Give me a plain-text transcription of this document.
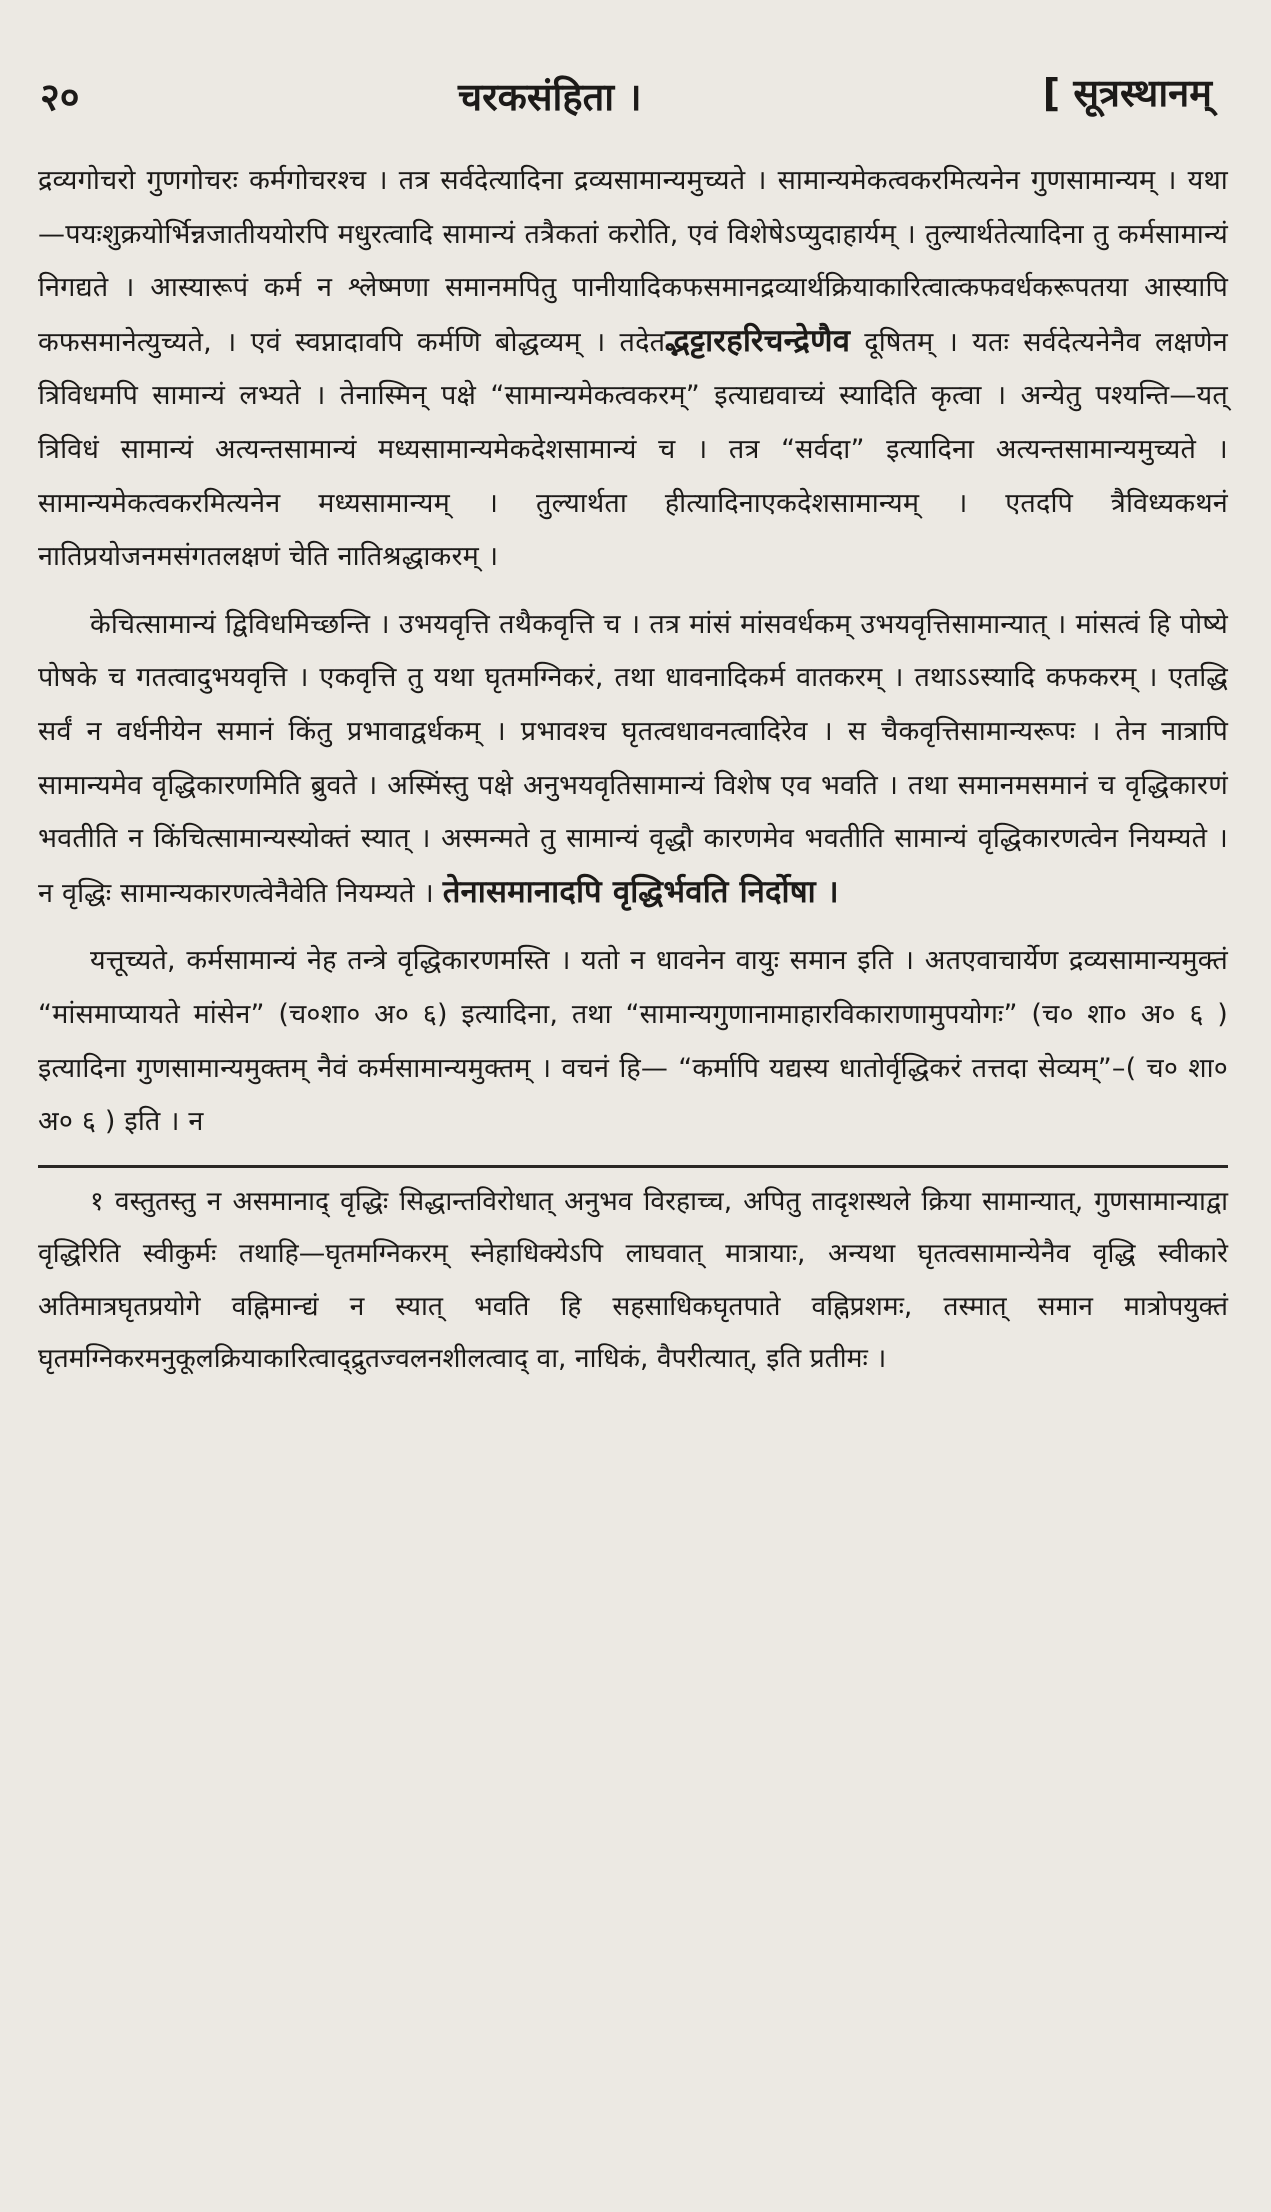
२०	चरकसंहिता ।	[ सूत्रस्थानम्

द्रव्यगोचरो गुणगोचरः कर्मगोचरश्च । तत्र सर्वदेत्यादिना द्रव्यसामान्यमुच्यते । सामान्यमेकत्वकरमित्यनेन गुणसामान्यम् । यथा—पयःशुक्रयोर्भिन्नजातीययोरपि मधुरत्वादि सामान्यं तत्रैकतां करोति, एवं विशेषेऽप्युदाहार्यम् । तुल्यार्थतेत्यादिना तु कर्मसामान्यं निगद्यते । आस्यारूपं कर्म न श्लेष्मणा समानमपितु पानीयादिकफसमानद्रव्यार्थक्रियाकारित्वात्कफवर्धकरूपतया आस्यापि कफसमानेत्युच्यते, । एवं स्वप्नादावपि कर्मणि बोद्धव्यम् । तदेतद्भट्टारहरिचन्द्रेणैव दूषितम् । यतः सर्वदेत्यनेनैव लक्षणेन त्रिविधमपि सामान्यं लभ्यते । तेनास्मिन् पक्षे “सामान्यमेकत्वकरम्” इत्याद्यवाच्यं स्यादिति कृत्वा । अन्येतु पश्यन्ति—यत् त्रिविधं सामान्यं अत्यन्तसामान्यं मध्यसामान्यमेकदेशसामान्यं च । तत्र “सर्वदा” इत्यादिना अत्यन्तसामान्यमुच्यते । सामान्यमेकत्वकरमित्यनेन मध्यसामान्यम् । तुल्यार्थता हीत्यादिनाएकदेशसामान्यम् । एतदपि त्रैविध्यकथनं नातिप्रयोजनमसंगतलक्षणं चेति नातिश्रद्धाकरम् ।

केचित्सामान्यं द्विविधमिच्छन्ति । उभयवृत्ति तथैकवृत्ति च । तत्र मांसं मांसवर्धकम् उभयवृत्तिसामान्यात् । मांसत्वं हि पोष्ये पोषके च गतत्वादुभयवृत्ति । एकवृत्ति तु यथा घृतमग्निकरं, तथा धावनादिकर्म वातकरम् । तथाऽऽस्यादि कफकरम् । एतद्धि सर्वं न वर्धनीयेन समानं किंतु प्रभावाद्वर्धकम् । प्रभावश्च घृतत्वधावनत्वादिरेव । स चैकवृत्तिसामान्यरूपः । तेन नात्रापि सामान्यमेव वृद्धिकारणमिति ब्रुवते । अस्मिंस्तु पक्षे अनुभयवृतिसामान्यं विशेष एव भवति । तथा समानमसमानं च वृद्धिकारणं भवतीति न किंचित्सामान्यस्योक्तं स्यात् । अस्मन्मते तु सामान्यं वृद्धौ कारणमेव भवतीति सामान्यं वृद्धिकारणत्वेन नियम्यते । न वृद्धिः सामान्यकारणत्वेनैवेति नियम्यते । तेनासमानादपि वृद्धिर्भवति निर्दोषा ।

यत्तूच्यते, कर्मसामान्यं नेह तन्त्रे वृद्धिकारणमस्ति । यतो न धावनेन वायुः समान इति । अतएवाचार्येण द्रव्यसामान्यमुक्तं “मांसमाप्यायते मांसेन” (च०शा० अ० ६) इत्यादिना, तथा “सामान्यगुणानामाहारविकाराणामुपयोगः” (च० शा० अ० ६ ) इत्यादिना गुणसामान्यमुक्तम् नैवं कर्मसामान्यमुक्तम् । वचनं हि— “कर्मापि यद्यस्य धातोर्वृद्धिकरं तत्तदा सेव्यम्”–( च० शा० अ० ६ ) इति । न

१ वस्तुतस्तु न असमानाद् वृद्धिः सिद्धान्तविरोधात् अनुभव विरहाच्च, अपितु तादृशस्थले क्रिया सामान्यात्, गुणसामान्याद्वा वृद्धिरिति स्वीकुर्मः तथाहि—घृतमग्निकरम् स्नेहाधिक्येऽपि लाघवात् मात्रायाः, अन्यथा घृतत्वसामान्येनैव वृद्धि स्वीकारे अतिमात्रघृतप्रयोगे वह्निमान्द्यं न स्यात् भवति हि सहसाधिकघृतपाते वह्निप्रशमः, तस्मात् समान मात्रोपयुक्तं घृतमग्निकरमनुकूलक्रियाकारित्वाद्द्रुतज्वलनशीलत्वाद् वा, नाधिकं, वैपरीत्यात्, इति प्रतीमः ।
